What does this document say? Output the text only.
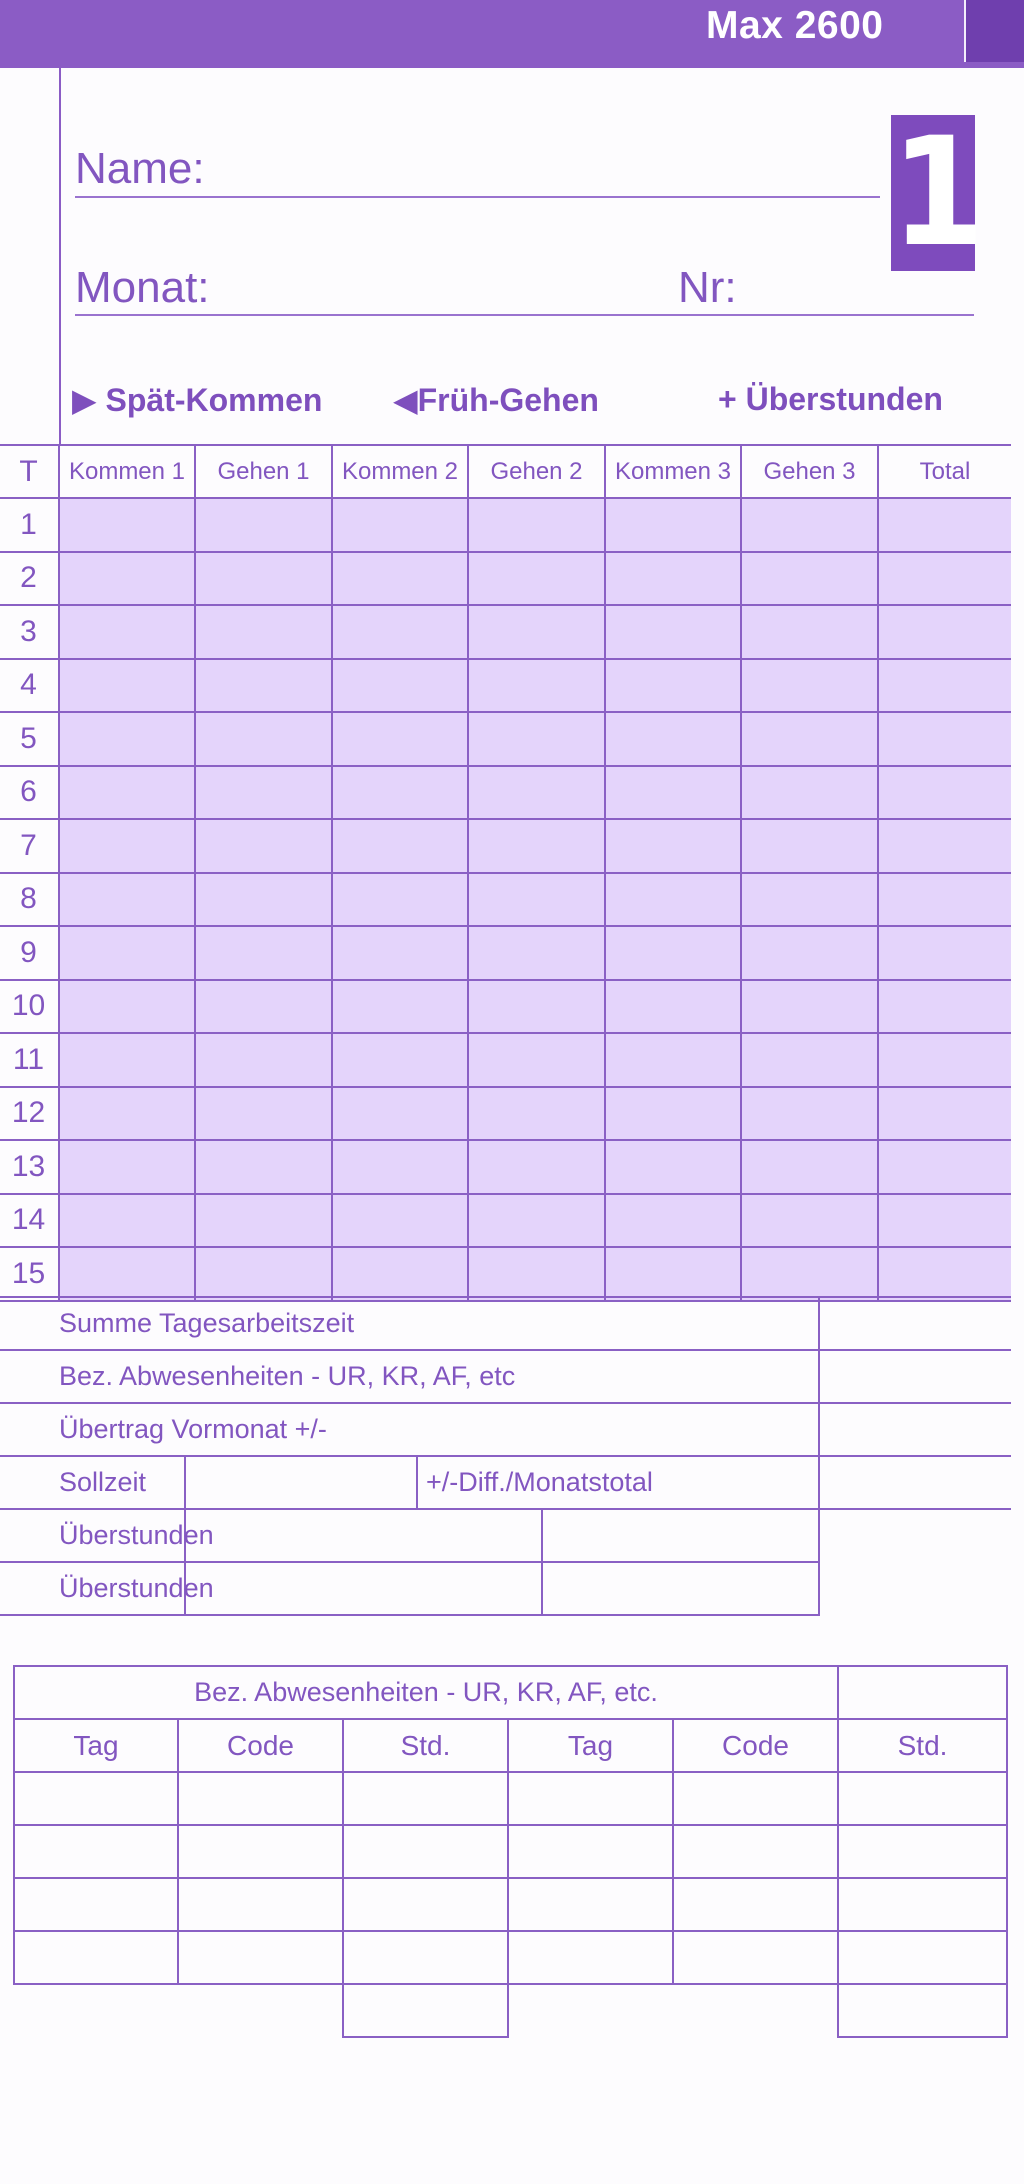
Max 2600
Name:
Monat:	Nr:
1
▶ Spät-Kommen ◀Früh-Gehen	+ Überstunden
T	Kommen 1	Gehen 1	Kommen 2	Gehen 2	Kommen 3	Gehen 3	Total
1							
2							
3							
4							
5							
6							
7							
8							
9							
10							
11							
12							
13							
14							
15							
Summe Tagesarbeitszeit				
Bez. Abwesenheiten - UR, KR, AF, etc				
Übertrag Vormonat +/-				
Sollzeit		+/-Diff./Monatstotal		
Überstunden				
Überstunden				
Bez. Abwesenheiten - UR, KR, AF, etc.					
Tag	Code	Std.	Tag	Code	Std.
